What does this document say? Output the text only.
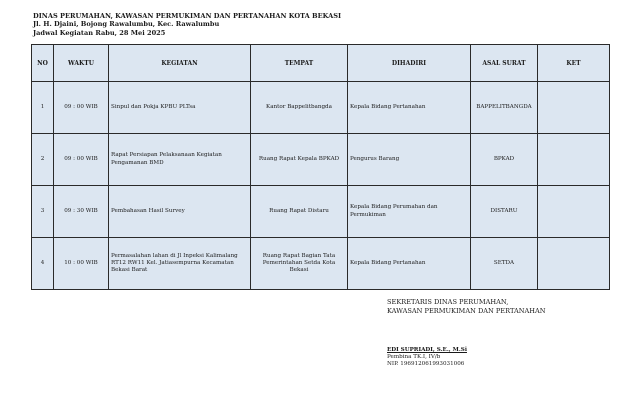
DINAS PERUMAHAN, KAWASAN PERMUKIMAN DAN PERTANAHAN KOTA BEKASI
Jl. H. Djaini, Bojong Rawalumbu, Kec. Rawalumbu
Jadwal Kegiatan Rabu, 28 Mei 2025
NO	WAKTU	KEGIATAN	TEMPAT	DIHADIRI	ASAL SURAT	KET
1	09 : 00 WIB	Sinpul dan Pokja KPBU PLTsa	Kantor Bappelitbangda	Kepala Bidang Pertanahan	BAPPELITBANGDA	
2	09 : 00 WIB	Rapat Persiapan Pelaksanaan Kegiatan Pengamanan BMD	Ruang Rapat Kepala BPKAD	Pengurus Barang	BPKAD	
3	09 : 30 WIB	Pembahasan Hasil Survey	Ruang Rapat Distaru	Kepala Bidang Perumahan dan Permukiman	DISTARU	
4	10 : 00 WIB	Permasalahan lahan di Jl Inpeksi Kalimalang RT12 RW11 Kel. Jatiasempurna Kecamatan Bekasi Barat	Ruang Rapat Bagian Tata Pemerintahan Setda Kota Bekasi	Kepala Bidang Pertanahan	SETDA	
SEKRETARIS DINAS PERUMAHAN,
KAWASAN PERMUKIMAN DAN PERTANAHAN
EDI SUPRIADI, S.E., M.Si
Pembina TK.I, IV/b
NIP. 196912061993031006
